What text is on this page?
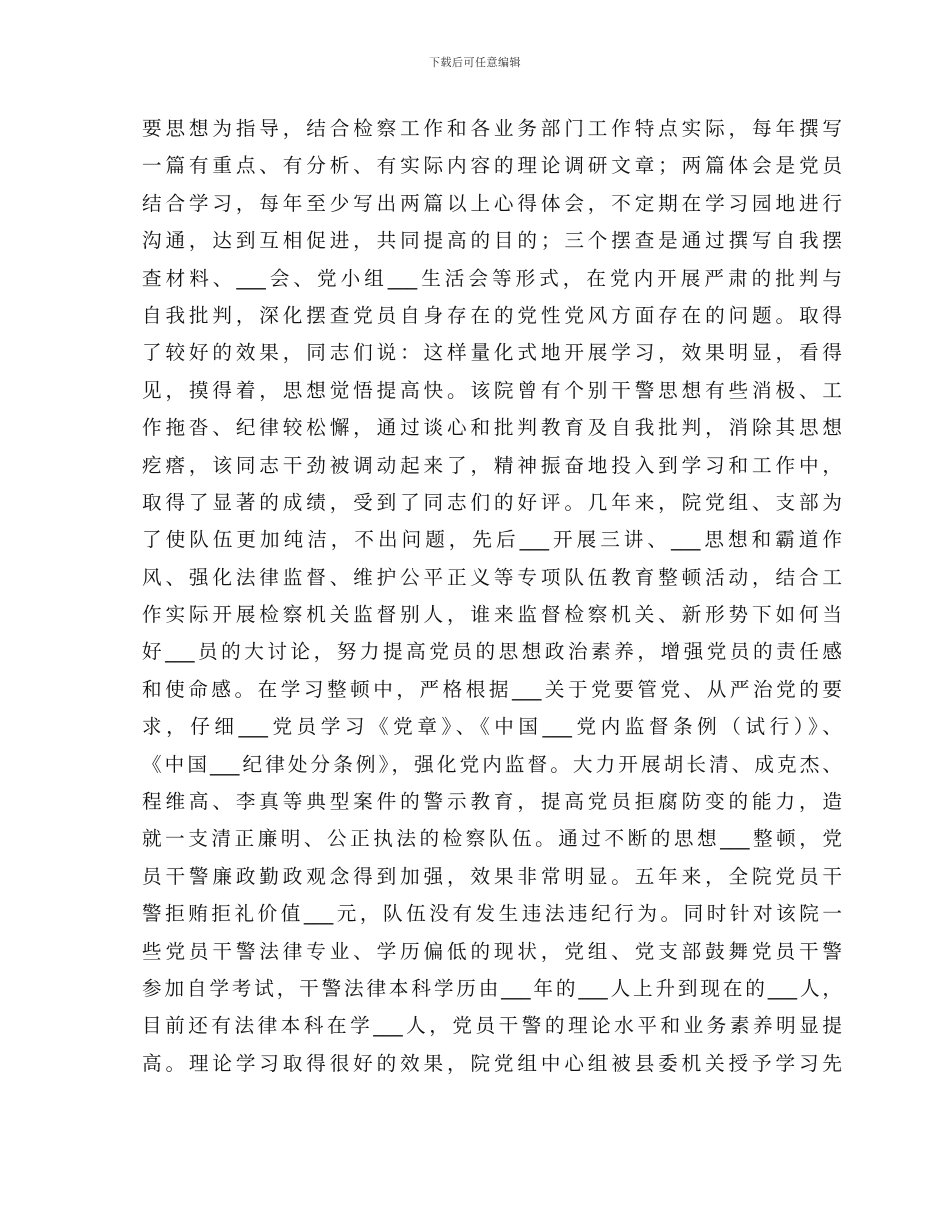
下载后可任意编辑
要思想为指导，结合检察工作和各业务部门工作特点实际，每年撰写
一篇有重点、有分析、有实际内容的理论调研文章；两篇体会是党员
结合学习，每年至少写出两篇以上心得体会，不定期在学习园地进行
沟通，达到互相促进，共同提高的目的；三个摆查是通过撰写自我摆
查材料、___会、党小组___生活会等形式，在党内开展严肃的批判与
自我批判，深化摆查党员自身存在的党性党风方面存在的问题。取得
了较好的效果，同志们说：这样量化式地开展学习，效果明显，看得
见，摸得着，思想觉悟提高快。该院曾有个别干警思想有些消极、工
作拖沓、纪律较松懈，通过谈心和批判教育及自我批判，消除其思想
疙瘩，该同志干劲被调动起来了，精神振奋地投入到学习和工作中，
取得了显著的成绩，受到了同志们的好评。几年来，院党组、支部为
了使队伍更加纯洁，不出问题，先后___开展三讲、___思想和霸道作
风、强化法律监督、维护公平正义等专项队伍教育整顿活动，结合工
作实际开展检察机关监督别人，谁来监督检察机关、新形势下如何当
好___员的大讨论，努力提高党员的思想政治素养，增强党员的责任感
和使命感。在学习整顿中，严格根据___关于党要管党、从严治党的要
求，仔细___党员学习《党章》、《中国___党内监督条例（试行）》、
《中国___纪律处分条例》，强化党内监督。大力开展胡长清、成克杰、
程维高、李真等典型案件的警示教育，提高党员拒腐防变的能力，造
就一支清正廉明、公正执法的检察队伍。通过不断的思想___整顿，党
员干警廉政勤政观念得到加强，效果非常明显。五年来，全院党员干
警拒贿拒礼价值___元，队伍没有发生违法违纪行为。同时针对该院一
些党员干警法律专业、学历偏低的现状，党组、党支部鼓舞党员干警
参加自学考试，干警法律本科学历由___年的___人上升到现在的___人，
目前还有法律本科在学___人，党员干警的理论水平和业务素养明显提
高。理论学习取得很好的效果，院党组中心组被县委机关授予学习先
